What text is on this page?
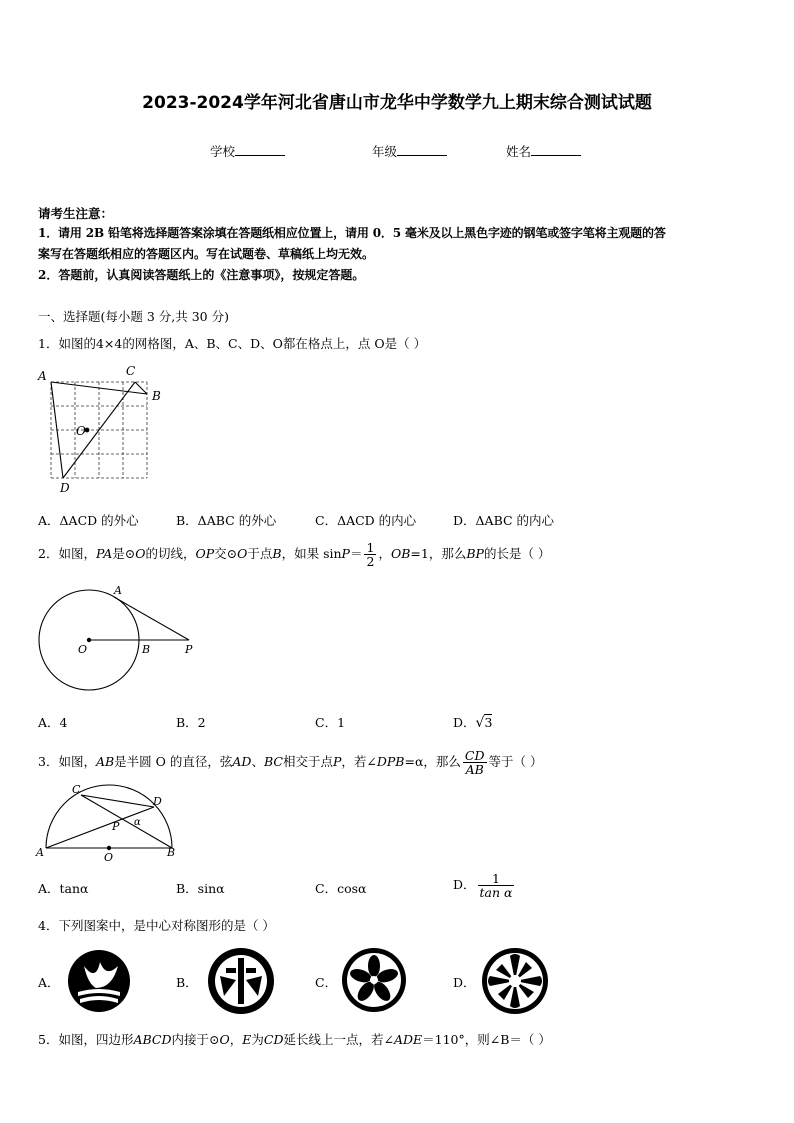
2023-2024学年河北省唐山市龙华中学数学九上期末综合测试试题
学校	年级	姓名
请考生注意：
1．请用 2B 铅笔将选择题答案涂填在答题纸相应位置上，请用 0．5 毫米及以上黑色字迹的钢笔或签字笔将主观题的答
案写在答题纸相应的答题区内。写在试题卷、草稿纸上均无效。
2．答题前，认真阅读答题纸上的《注意事项》，按规定答题。
一、选择题(每小题 3 分,共 30 分)
1．如图的4×4的网格图，A、B、C、D、O都在格点上，点 O是（ ）
A	C
B
O
D
A．ΔACD 的外心	B．ΔABC 的外心	C．ΔACD 的内心	D．ΔABC 的内心
2．如图，PA是⊙O的切线，OP交⊙O于点B，如果 $\sin P= \frac{1}{2}$ ，OB=1，那么BP的长是（ ）
A
O	B	P
A．4	B．2	C．1	D．√3
3．如图，AB是半圆 O 的直径，弦AD、BC相交于点P，若∠DPB=α，那么 $\frac{CD}{AB}$ 等于（ ）
C
D
P α
A	O	B
A．tanα	B．sinα	C．cosα	D． $\frac{1}{\text{tan α}}$
4．下列图案中，是中心对称图形的是（ ）
A．	B．	C．	D．
5．如图，四边形ABCD内接于⊙O，E为CD延长线上一点，若∠ADE＝110°，则∠B＝（ ）
